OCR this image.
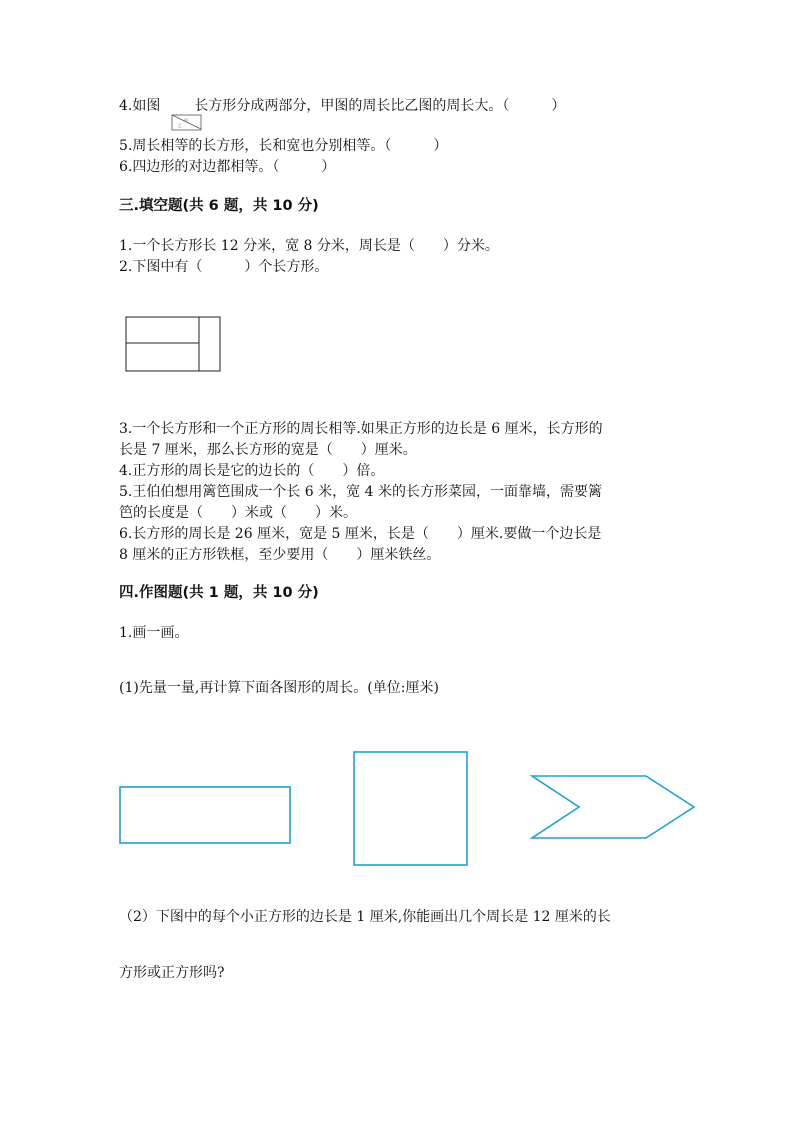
4.如图 长方形分成两部分，甲图的周长比乙图的周长大。（　　　）
甲
乙
5.周长相等的长方形，长和宽也分别相等。（　　　）
6.四边形的对边都相等。（　　　）
三.填空题(共 6 题，共 10 分)
1.一个长方形长 12 分米，宽 8 分米，周长是（　　）分米。
2.下图中有（　　　）个长方形。
3.一个长方形和一个正方形的周长相等.如果正方形的边长是 6 厘米，长方形的
长是 7 厘米，那么长方形的宽是（　　）厘米。
4.正方形的周长是它的边长的（　　）倍。
5.王伯伯想用篱笆围成一个长 6 米，宽 4 米的长方形菜园，一面靠墙，需要篱
笆的长度是（　　）米或（　　）米。
6.长方形的周长是 26 厘米，宽是 5 厘米，长是（　　）厘米.要做一个边长是
8 厘米的正方形铁框，至少要用（　　）厘米铁丝。
四.作图题(共 1 题，共 10 分)
1.画一画。
(1)先量一量,再计算下面各图形的周长。(单位:厘米)
（2）下图中的每个小正方形的边长是 1 厘米,你能画出几个周长是 12 厘米的长
方形或正方形吗?
